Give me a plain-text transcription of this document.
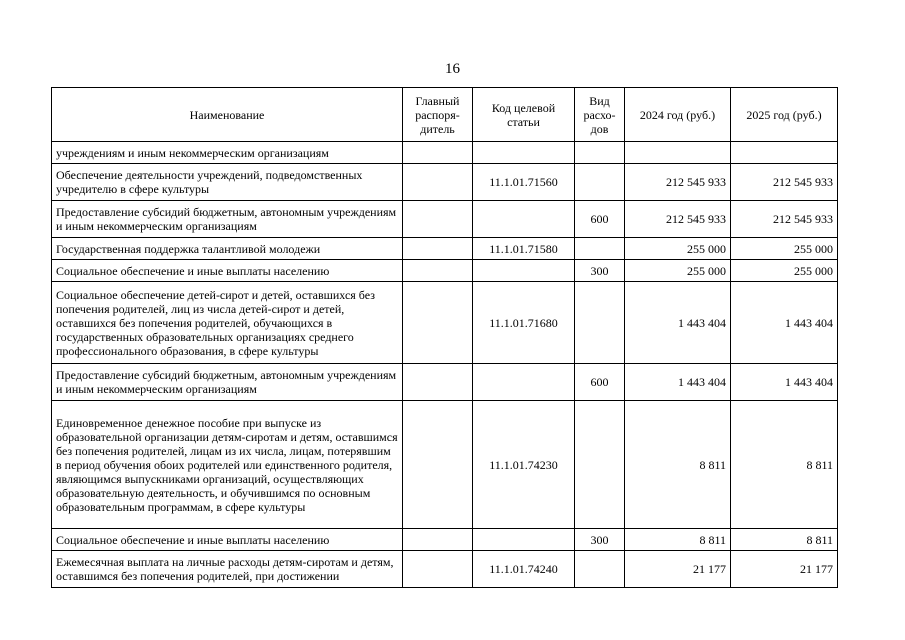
16
Наименование	Главный распоря-дитель	Код целевой статьи	Вид расхо-дов	2024 год (руб.)	2025 год (руб.)
учреждениям и иным некоммерческим организациям					
Обеспечение деятельности учреждений, подведомственных учредителю в сфере культуры		11.1.01.71560		212 545 933	212 545 933
Предоставление субсидий бюджетным, автономным учреждениям и иным некоммерческим организациям			600	212 545 933	212 545 933
Государственная поддержка талантливой молодежи		11.1.01.71580		255 000	255 000
Социальное обеспечение и иные выплаты населению			300	255 000	255 000
Социальное обеспечение детей-сирот и детей, оставшихся без попечения родителей, лиц из числа детей-сирот и детей, оставшихся без попечения родителей, обучающихся в государственных образовательных организациях среднего профессионального образования, в сфере культуры		11.1.01.71680		1 443 404	1 443 404
Предоставление субсидий бюджетным, автономным учреждениям и иным некоммерческим организациям			600	1 443 404	1 443 404
Единовременное денежное пособие при выпуске из образовательной организации детям-сиротам и детям, оставшимся без попечения родителей, лицам из их числа, лицам, потерявшим в период обучения обоих родителей или единственного родителя, являющимся выпускниками организаций, осуществляющих образовательную деятельность, и обучившимся по основным образовательным программам, в сфере культуры		11.1.01.74230		8 811	8 811
Социальное обеспечение и иные выплаты населению			300	8 811	8 811
Ежемесячная выплата на личные расходы детям-сиротам и детям, оставшимся без попечения родителей, при достижении		11.1.01.74240		21 177	21 177
